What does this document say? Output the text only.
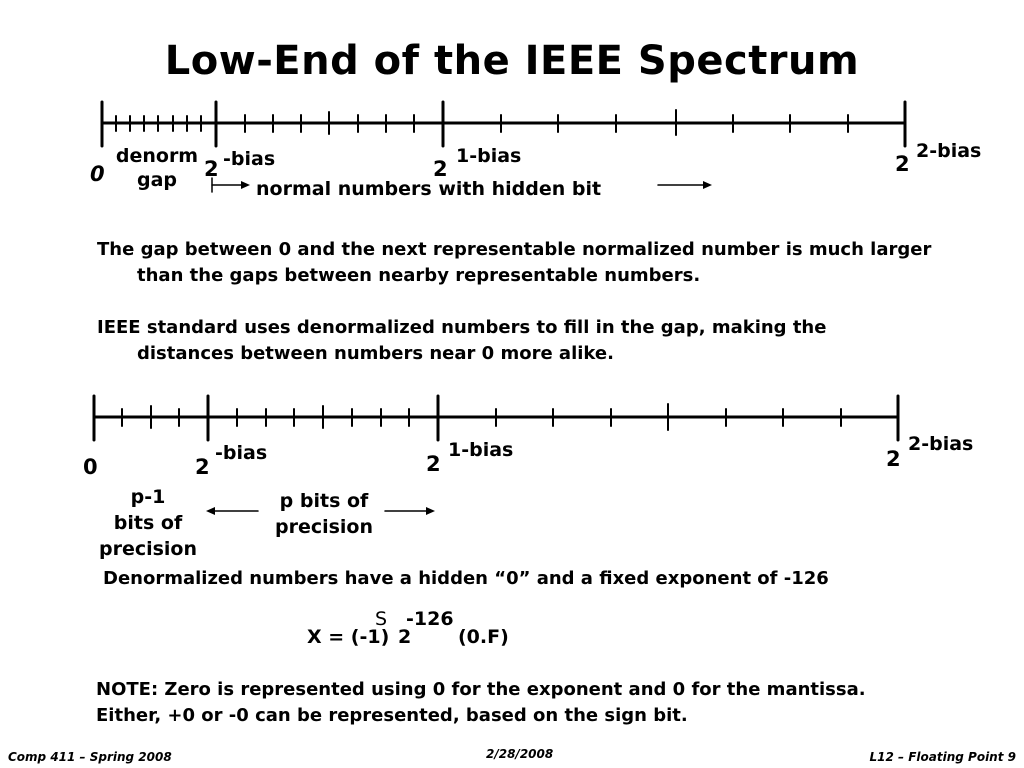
Low-End of the IEEE Spectrum
0
denorm
gap	2 -bias	2
1-bias	2
2-bias
normal numbers with hidden bit
The gap between 0 and the next representable normalized number is much larger
than the gaps between nearby representable numbers.
IEEE standard uses denormalized numbers to fill in the gap, making the
distances between numbers near 0 more alike.
0	2
-bias	2
1-bias	2
2-bias
p-1
bits of
precision
p bits of
precision
Denormalized numbers have a hidden “0” and a fixed exponent of -126
X = (-1)
S
2
-126
(0.F)
NOTE: Zero is represented using 0 for the exponent and 0 for the mantissa.
Either, +0 or -0 can be represented, based on the sign bit.
Comp 411 – Spring 2008	2/28/2008	L12 – Floating Point 9
